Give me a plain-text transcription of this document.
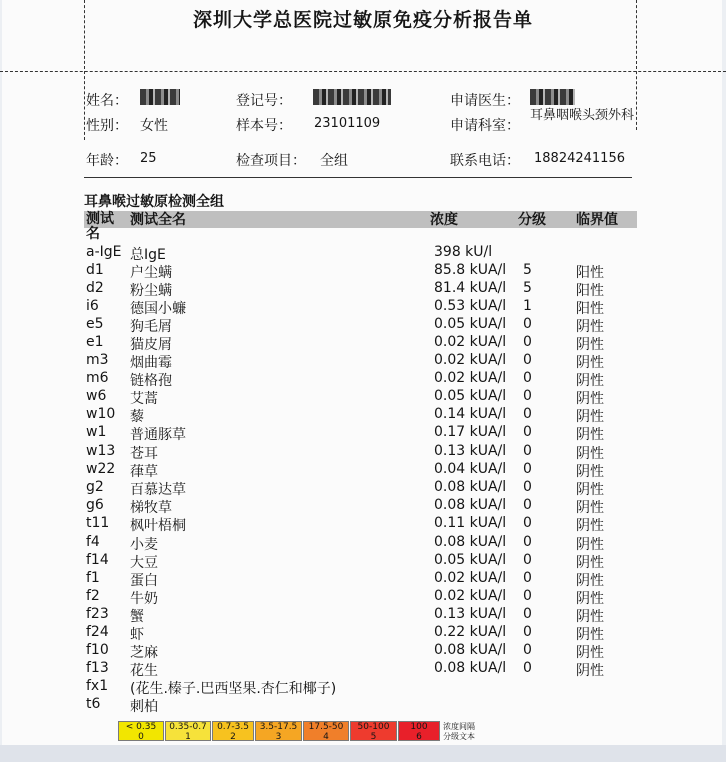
深圳大学总医院过敏原免疫分析报告单
姓名：	登记号：	申请医生：
性别： 女性	样本号： 23101109	申请科室：
耳鼻咽喉头颈外科
年龄： 25	检查项目： 全组	联系电话： 18824241156
耳鼻喉过敏原检测全组
测试名
测试全名	浓度	分级 临界值
a-IgE 总IgE	398 kU/l
d1 户尘螨	85.8 kUA/l 5	阳性
d2 粉尘螨	81.4 kUA/l 5	阳性
i6 德国小蠊	0.53 kUA/l 1	阳性
e5 狗毛屑	0.05 kUA/l 0	阴性
e1 猫皮屑	0.02 kUA/l 0	阴性
m3 烟曲霉	0.02 kUA/l 0	阴性
m6 链格孢	0.02 kUA/l 0	阴性
w6 艾蒿	0.05 kUA/l 0	阴性
w10 藜	0.14 kUA/l 0	阴性
w1 普通豚草	0.17 kUA/l 0	阴性
w13 苍耳	0.13 kUA/l 0	阴性
w22 葎草	0.04 kUA/l 0	阴性
g2 百慕达草	0.08 kUA/l 0	阴性
g6 梯牧草	0.08 kUA/l 0	阴性
t11 枫叶梧桐	0.11 kUA/l 0	阴性
f4 小麦	0.08 kUA/l 0	阴性
f14 大豆	0.05 kUA/l 0	阴性
f1 蛋白	0.02 kUA/l 0	阴性
f2 牛奶	0.02 kUA/l 0	阴性
f23 蟹	0.13 kUA/l 0	阴性
f24 虾	0.22 kUA/l 0	阴性
f10 芝麻	0.08 kUA/l 0	阴性
f13 花生	0.08 kUA/l 0	阴性
fx1 (花生.榛子.巴西坚果.杏仁和椰子)
t6 刺柏
< 0.35
0
0.35-0.7
1
0.7-3.5
2
3.5-17.5
3
17.5-50
4
50-100
5
100
6
浓度间隔
分级文本
